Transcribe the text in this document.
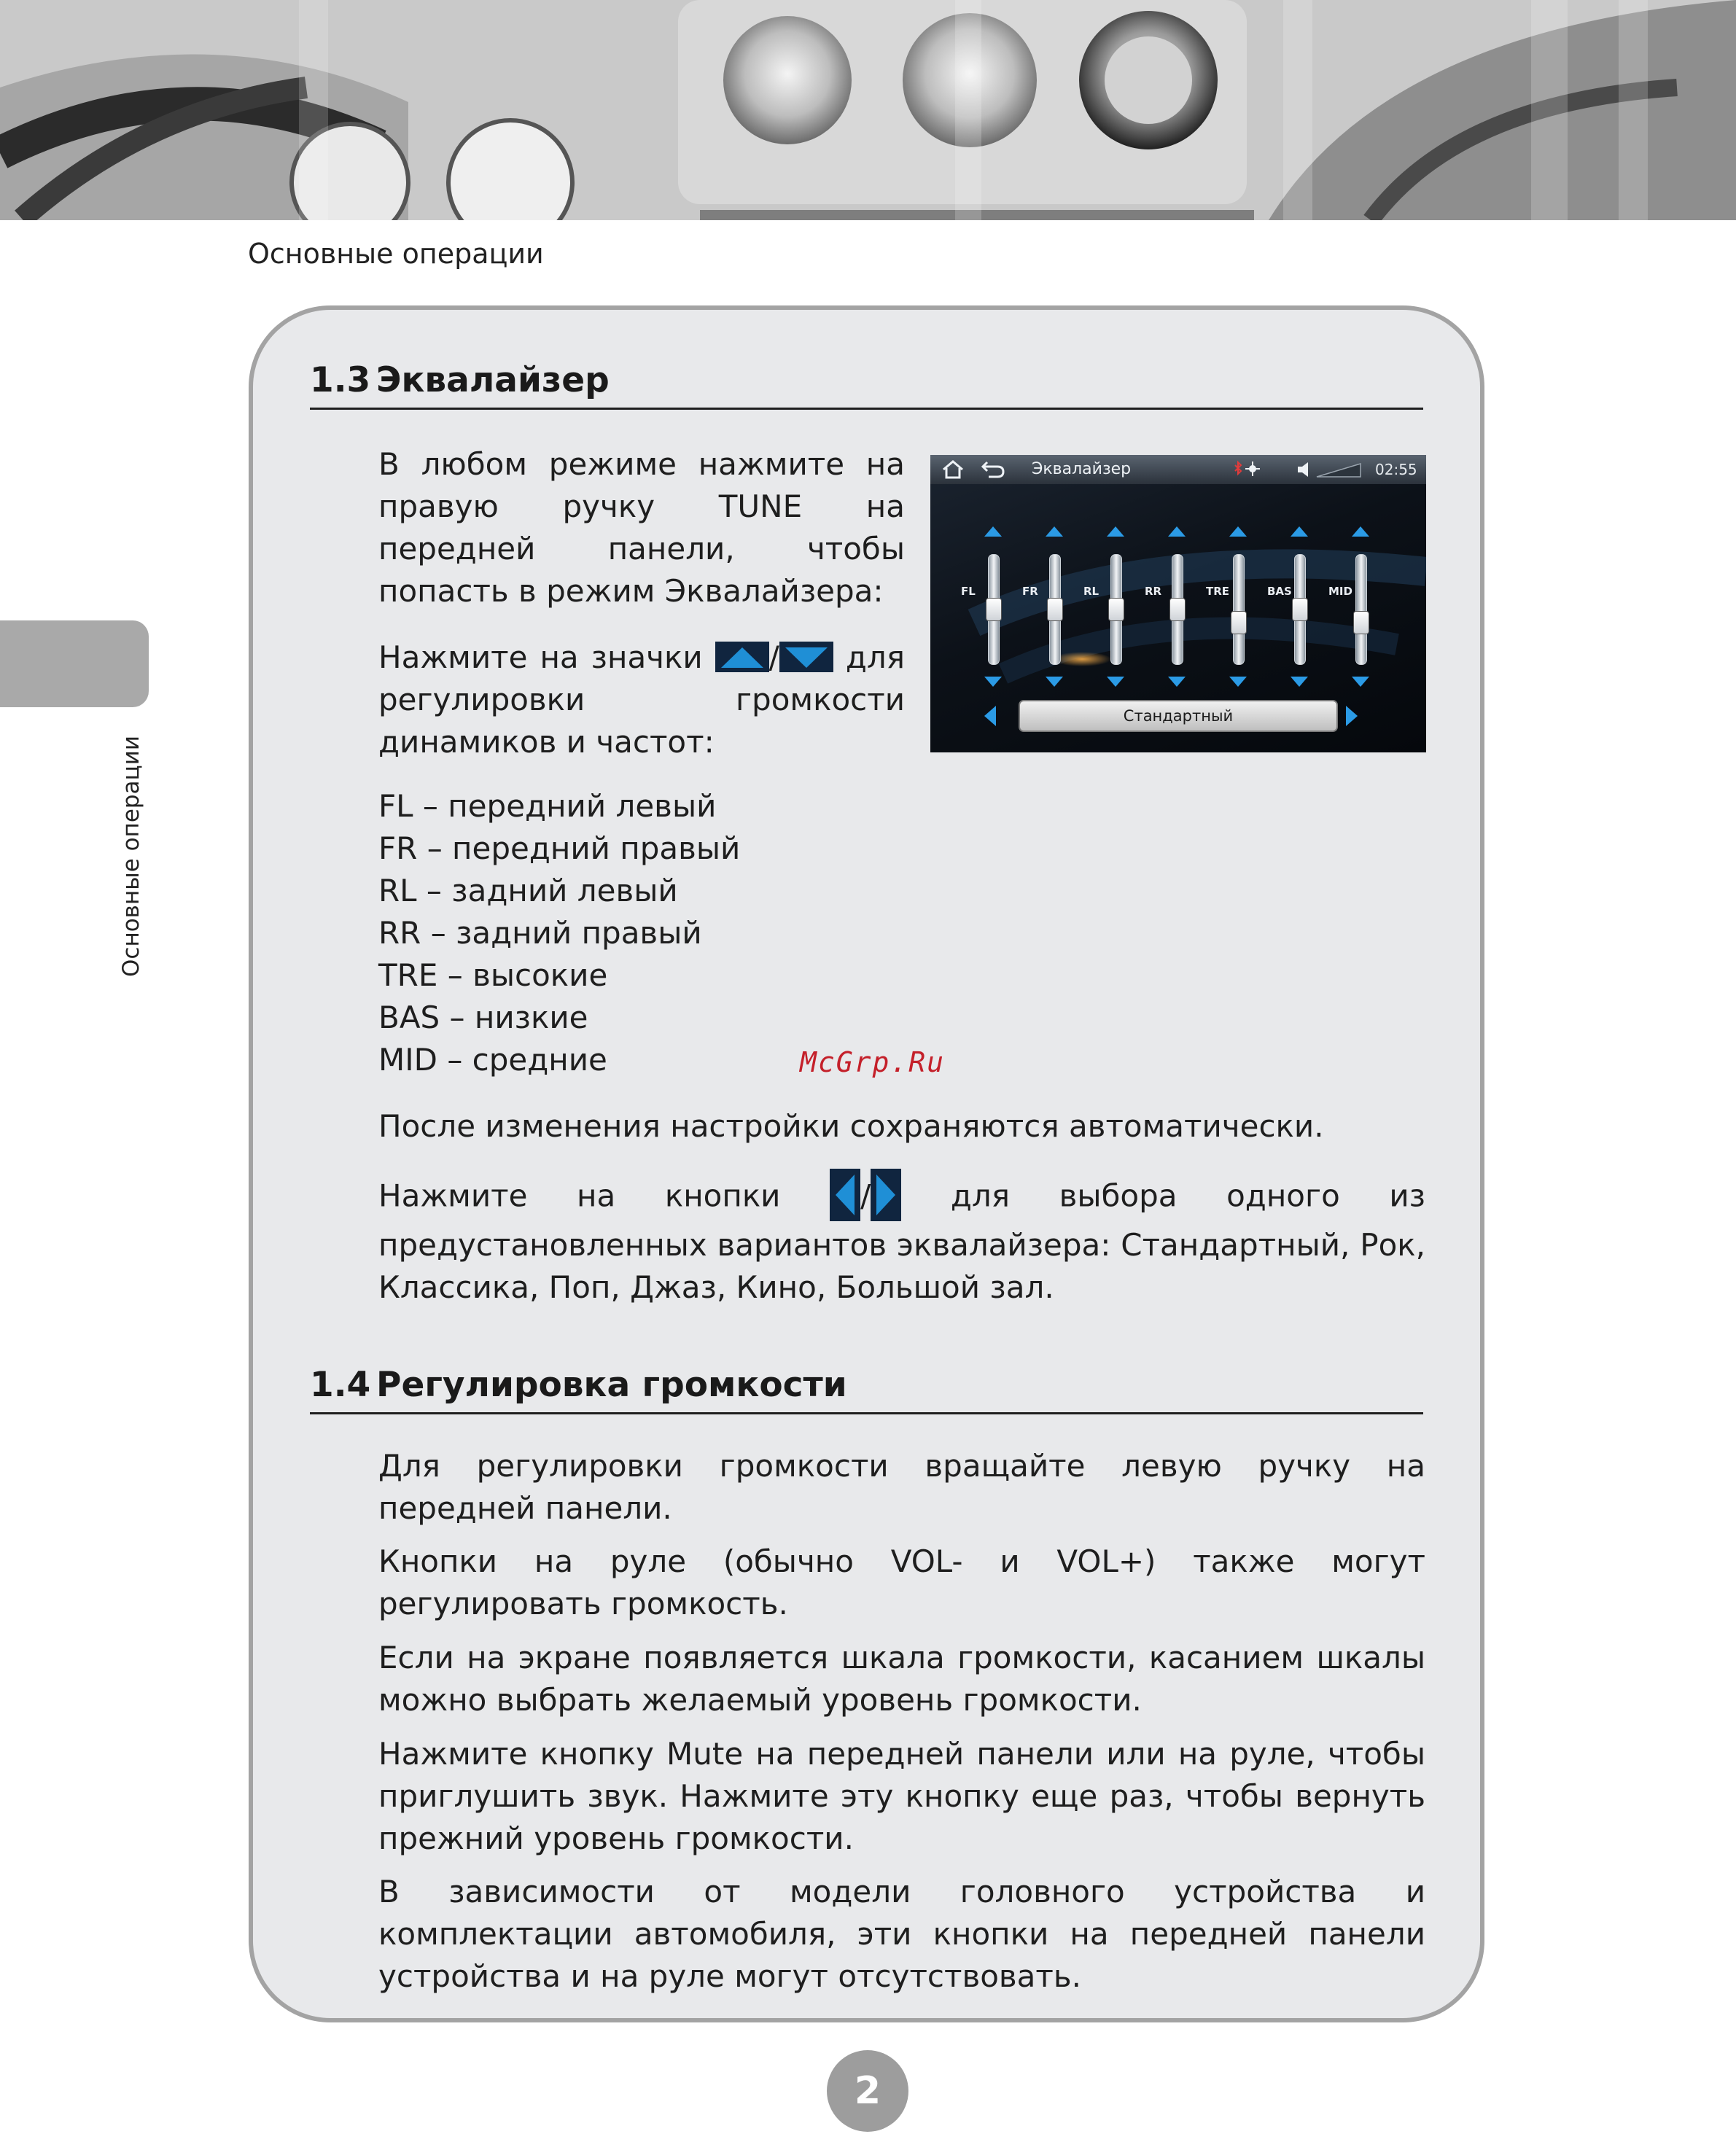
Основные операции
Основные операции
1.3 Эквалайзер

В любом режиме нажмите на правую ручку TUNE на передней панели, чтобы попасть в режим Эквалайзера:

Нажмите на значки / для регулировки громкости динамиков и частот:

FL – передний левый
FR – передний правый
RL – задний левый
RR – задний правый
TRE – высокие
BAS – низкие
MID – средние	McGrp.Ru

После изменения настройки сохраняются автоматически.

Нажмите на кнопки	/	для выбора одного из предустановленных вариантов эквалайзера: Стандартный, Рок, Классика, Поп, Джаз, Кино, Большой зал.

Эквалайзер	02:55
FL	FR	RL	RR	TRE	BAS	MID
Стандартный
1.4 Регулировка громкости

Для регулировки громкости вращайте левую ручку на передней панели.

Кнопки на руле (обычно VOL- и VOL+) также могут регулировать громкость.

Если на экране появляется шкала громкости, касанием шкалы можно выбрать желаемый уровень громкости.

Нажмите кнопку Mute на передней панели или на руле, чтобы приглушить звук. Нажмите эту кнопку еще раз, чтобы вернуть прежний уровень громкости.

В зависимости от модели головного устройства и комплектации автомобиля, эти кнопки на передней панели устройства и на руле могут отсутствовать.

2
